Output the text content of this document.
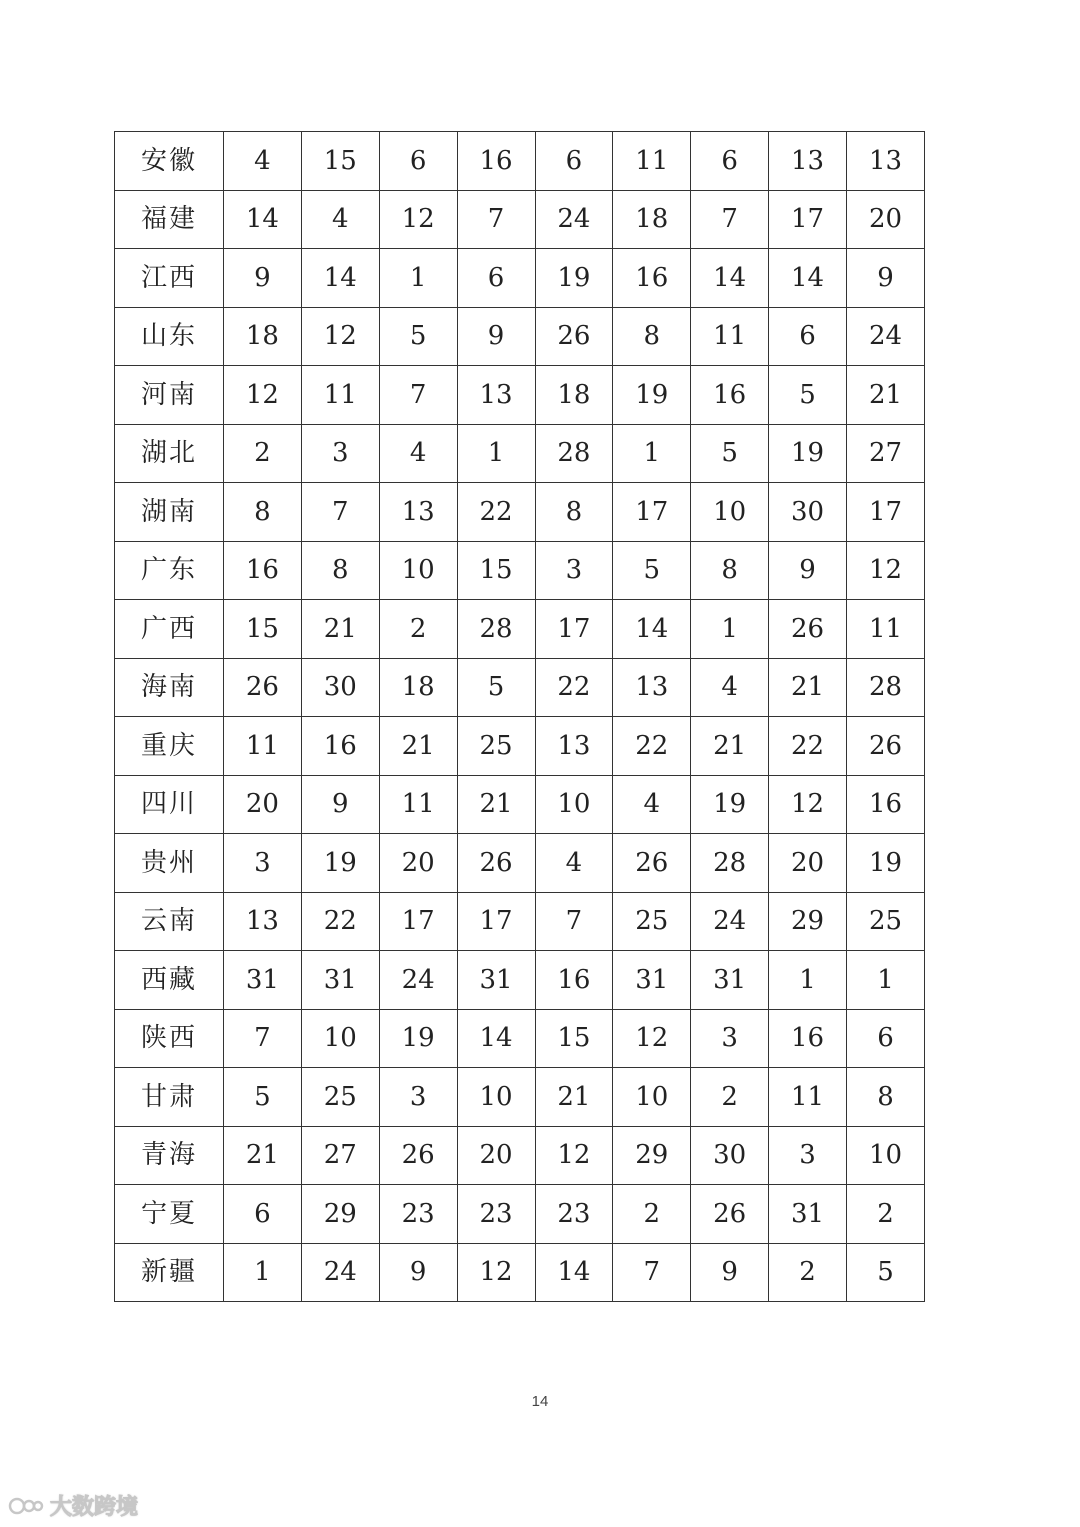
安徽	4	15	6	16	6	11	6	13	13
福建	14	4	12	7	24	18	7	17	20
江西	9	14	1	6	19	16	14	14	9
山东	18	12	5	9	26	8	11	6	24
河南	12	11	7	13	18	19	16	5	21
湖北	2	3	4	1	28	1	5	19	27
湖南	8	7	13	22	8	17	10	30	17
广东	16	8	10	15	3	5	8	9	12
广西	15	21	2	28	17	14	1	26	11
海南	26	30	18	5	22	13	4	21	28
重庆	11	16	21	25	13	22	21	22	26
四川	20	9	11	21	10	4	19	12	16
贵州	3	19	20	26	4	26	28	20	19
云南	13	22	17	17	7	25	24	29	25
西藏	31	31	24	31	16	31	31	1	1
陕西	7	10	19	14	15	12	3	16	6
甘肃	5	25	3	10	21	10	2	11	8
青海	21	27	26	20	12	29	30	3	10
宁夏	6	29	23	23	23	2	26	31	2
新疆	1	24	9	12	14	7	9	2	5
14
大数跨境
